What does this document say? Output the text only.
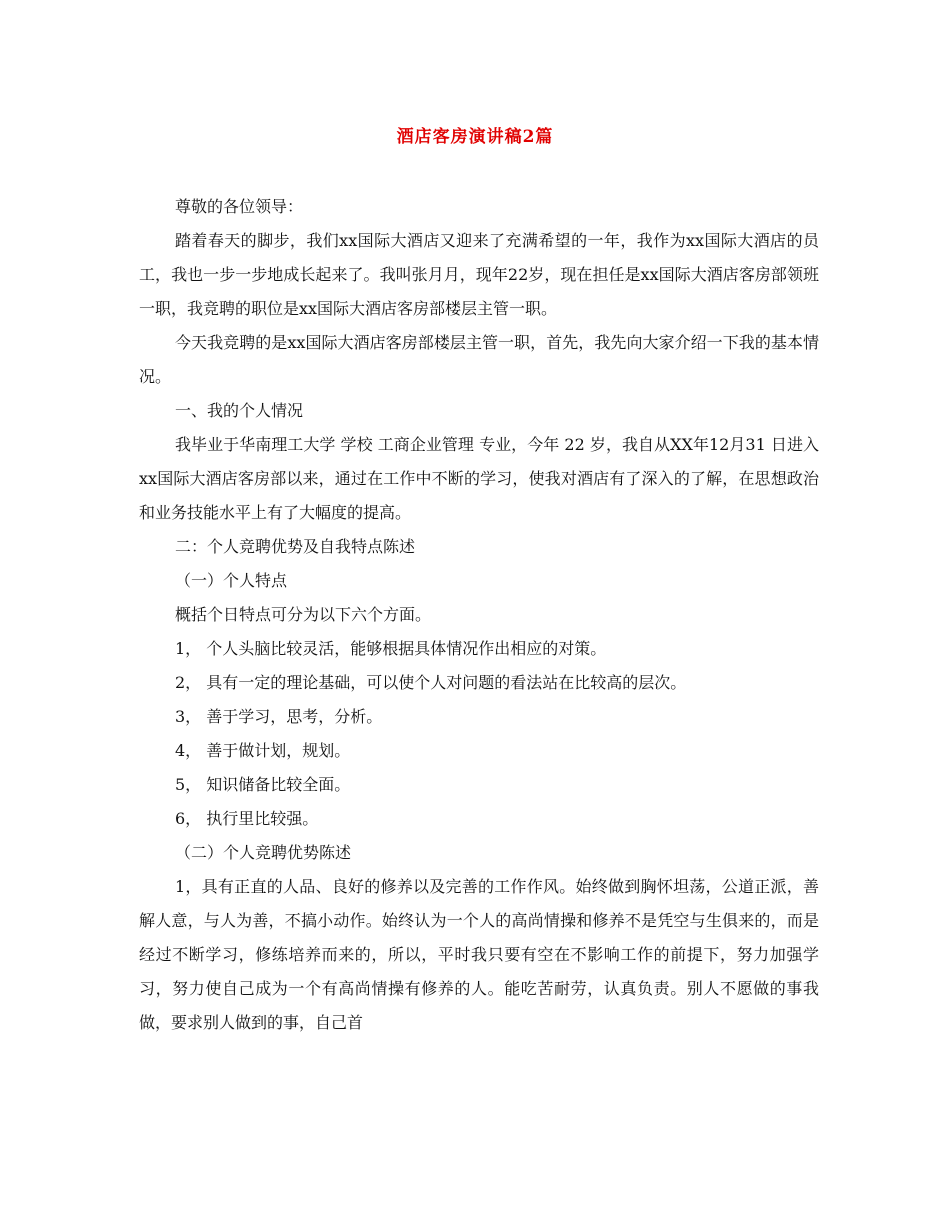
酒店客房演讲稿2篇

尊敬的各位领导：

踏着春天的脚步，我们xx国际大酒店又迎来了充满希望的一年，我作为xx国际大酒店的员工，我也一步一步地成长起来了。我叫张月月，现年22岁，现在担任是xx国际大酒店客房部领班一职，我竞聘的职位是xx国际大酒店客房部楼层主管一职。

今天我竞聘的是xx国际大酒店客房部楼层主管一职，首先，我先向大家介绍一下我的基本情况。

一、我的个人情况

我毕业于华南理工大学 学校 工商企业管理 专业，今年 22 岁，我自从XX年12月31 日进入 xx国际大酒店客房部以来，通过在工作中不断的学习，使我对酒店有了深入的了解，在思想政治和业务技能水平上有了大幅度的提高。

二：个人竞聘优势及自我特点陈述

（一）个人特点

概括个日特点可分为以下六个方面。

1， 个人头脑比较灵活，能够根据具体情况作出相应的对策。

2， 具有一定的理论基础，可以使个人对问题的看法站在比较高的层次。

3， 善于学习，思考，分析。

4， 善于做计划，规划。

5， 知识储备比较全面。

6， 执行里比较强。

（二）个人竞聘优势陈述

1，具有正直的人品、良好的修养以及完善的工作作风。始终做到胸怀坦荡，公道正派，善解人意，与人为善，不搞小动作。始终认为一个人的高尚情操和修养不是凭空与生俱来的，而是经过不断学习，修练培养而来的，所以，平时我只要有空在不影响工作的前提下，努力加强学习，努力使自己成为一个有高尚情操有修养的人。能吃苦耐劳，认真负责。别人不愿做的事我做，要求别人做到的事，自己首
